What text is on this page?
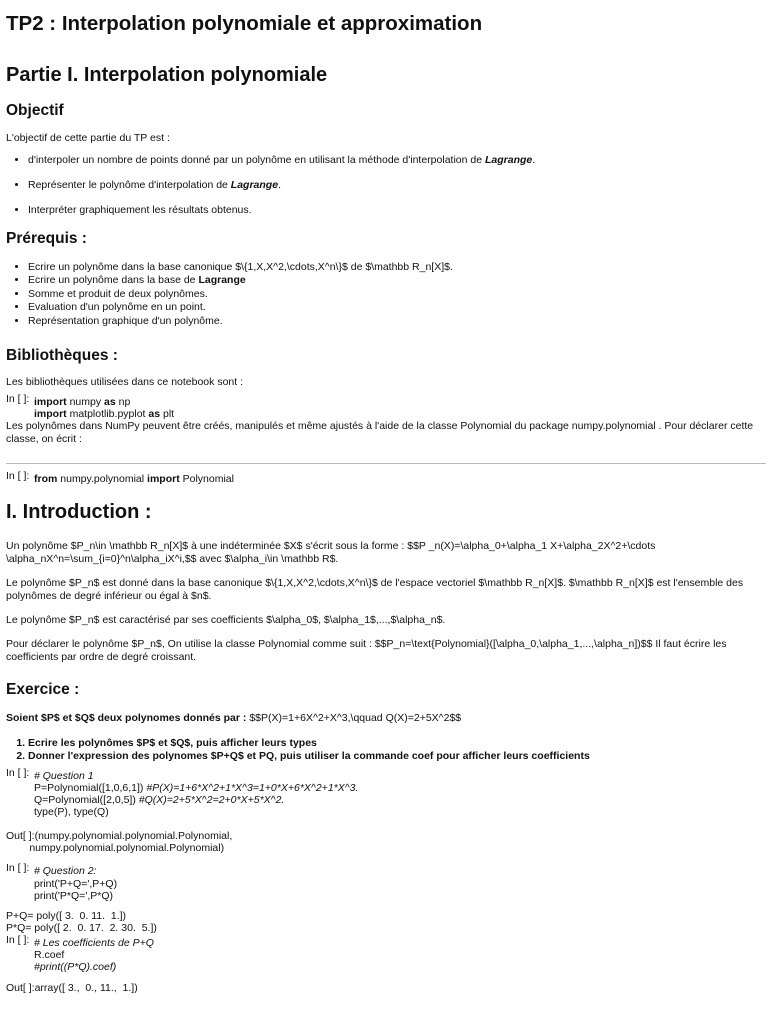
TP2 : Interpolation polynomiale et approximation
Partie I. Interpolation polynomiale
Objectif

L'objectif de cette partie du TP est :

• d'interpoler un nombre de points donné par un polynôme en utilisant la méthode d'interpolation de Lagrange.
• Représenter le polynôme d'interpolation de Lagrange.
• Interpréter graphiquement les résultats obtenus.
Prérequis :
• Ecrire un polynôme dans la base canonique $\{1,X,X^2,\cdots,X^n\}$ de $\mathbb R_n[X]$.
• Ecrire un polynôme dans la base de Lagrange
• Somme et produit de deux polynômes.
• Evaluation d'un polynôme en un point.
• Représentation graphique d'un polynôme.
Bibliothèques :

Les bibliothèques utilisées dans ce notebook sont :

In [ ]: import numpy as np
import matplotlib.pyplot as plt

Les polynômes dans NumPy peuvent être créés, manipulés et même ajustés à l'aide de la classe Polynomial du package numpy.polynomial . Pour déclarer cette classe, on écrit :

In [ ]: from numpy.polynomial import Polynomial
I. Introduction :

Un polynôme $P_n\in \mathbb R_n[X]$ à une indéterminée $X$ s'écrit sous la forme : $$P _n(X)=\alpha_0+\alpha_1 X+\alpha_2X^2+\cdots \alpha_nX^n=\sum_{i=0}^n\alpha_iX^i,$$ avec $\alpha_i\in \mathbb R$.

Le polynôme $P_n$ est donné dans la base canonique $\{1,X,X^2,\cdots,X^n\}$ de l'espace vectoriel $\mathbb R_n[X]$. $\mathbb R_n[X]$ est l'ensemble des polynômes de degré inférieur ou égal à $n$.

Le polynôme $P_n$ est caractérisé par ses coefficients $\alpha_0$, $\alpha_1$,...,$\alpha_n$.

Pour déclarer le polynôme $P_n$, On utilise la classe Polynomial comme suit : $$P_n=\text{Polynomial}([\alpha_0,\alpha_1,...,\alpha_n])$$ Il faut écrire les coefficients par ordre de degré croissant.

Exercice :

Soient $P$ et $Q$ deux polynomes donnés par : $$P(X)=1+6X^2+X^3,\qquad Q(X)=2+5X^2$$

1. Ecrire les polynômes $P$ et $Q$, puis afficher leurs types
2. Donner l'expression des polynomes $P+Q$ et PQ, puis utiliser la commande coef pour afficher leurs coefficients
In [ ]: # Question 1
P=Polynomial([1,0,6,1]) #P(X)=1+6*X^2+1*X^3=1+0*X+6*X^2+1*X^3.
Q=Polynomial([2,0,5]) #Q(X)=2+5*X^2=2+0*X+5*X^2.
type(P), type(Q)
Out[ ]:(numpy.polynomial.polynomial.Polynomial,
numpy.polynomial.polynomial.Polynomial)
In [ ]: # Question 2:
print('P+Q=',P+Q)
print('P*Q=',P*Q)
P+Q= poly([ 3.  0. 11.  1.])
P*Q= poly([ 2.  0. 17.  2. 30.  5.])
In [ ]: # Les coefficients de P+Q
R.coef
#print((P*Q).coef)
Out[ ]:array([ 3.,  0., 11.,  1.])
